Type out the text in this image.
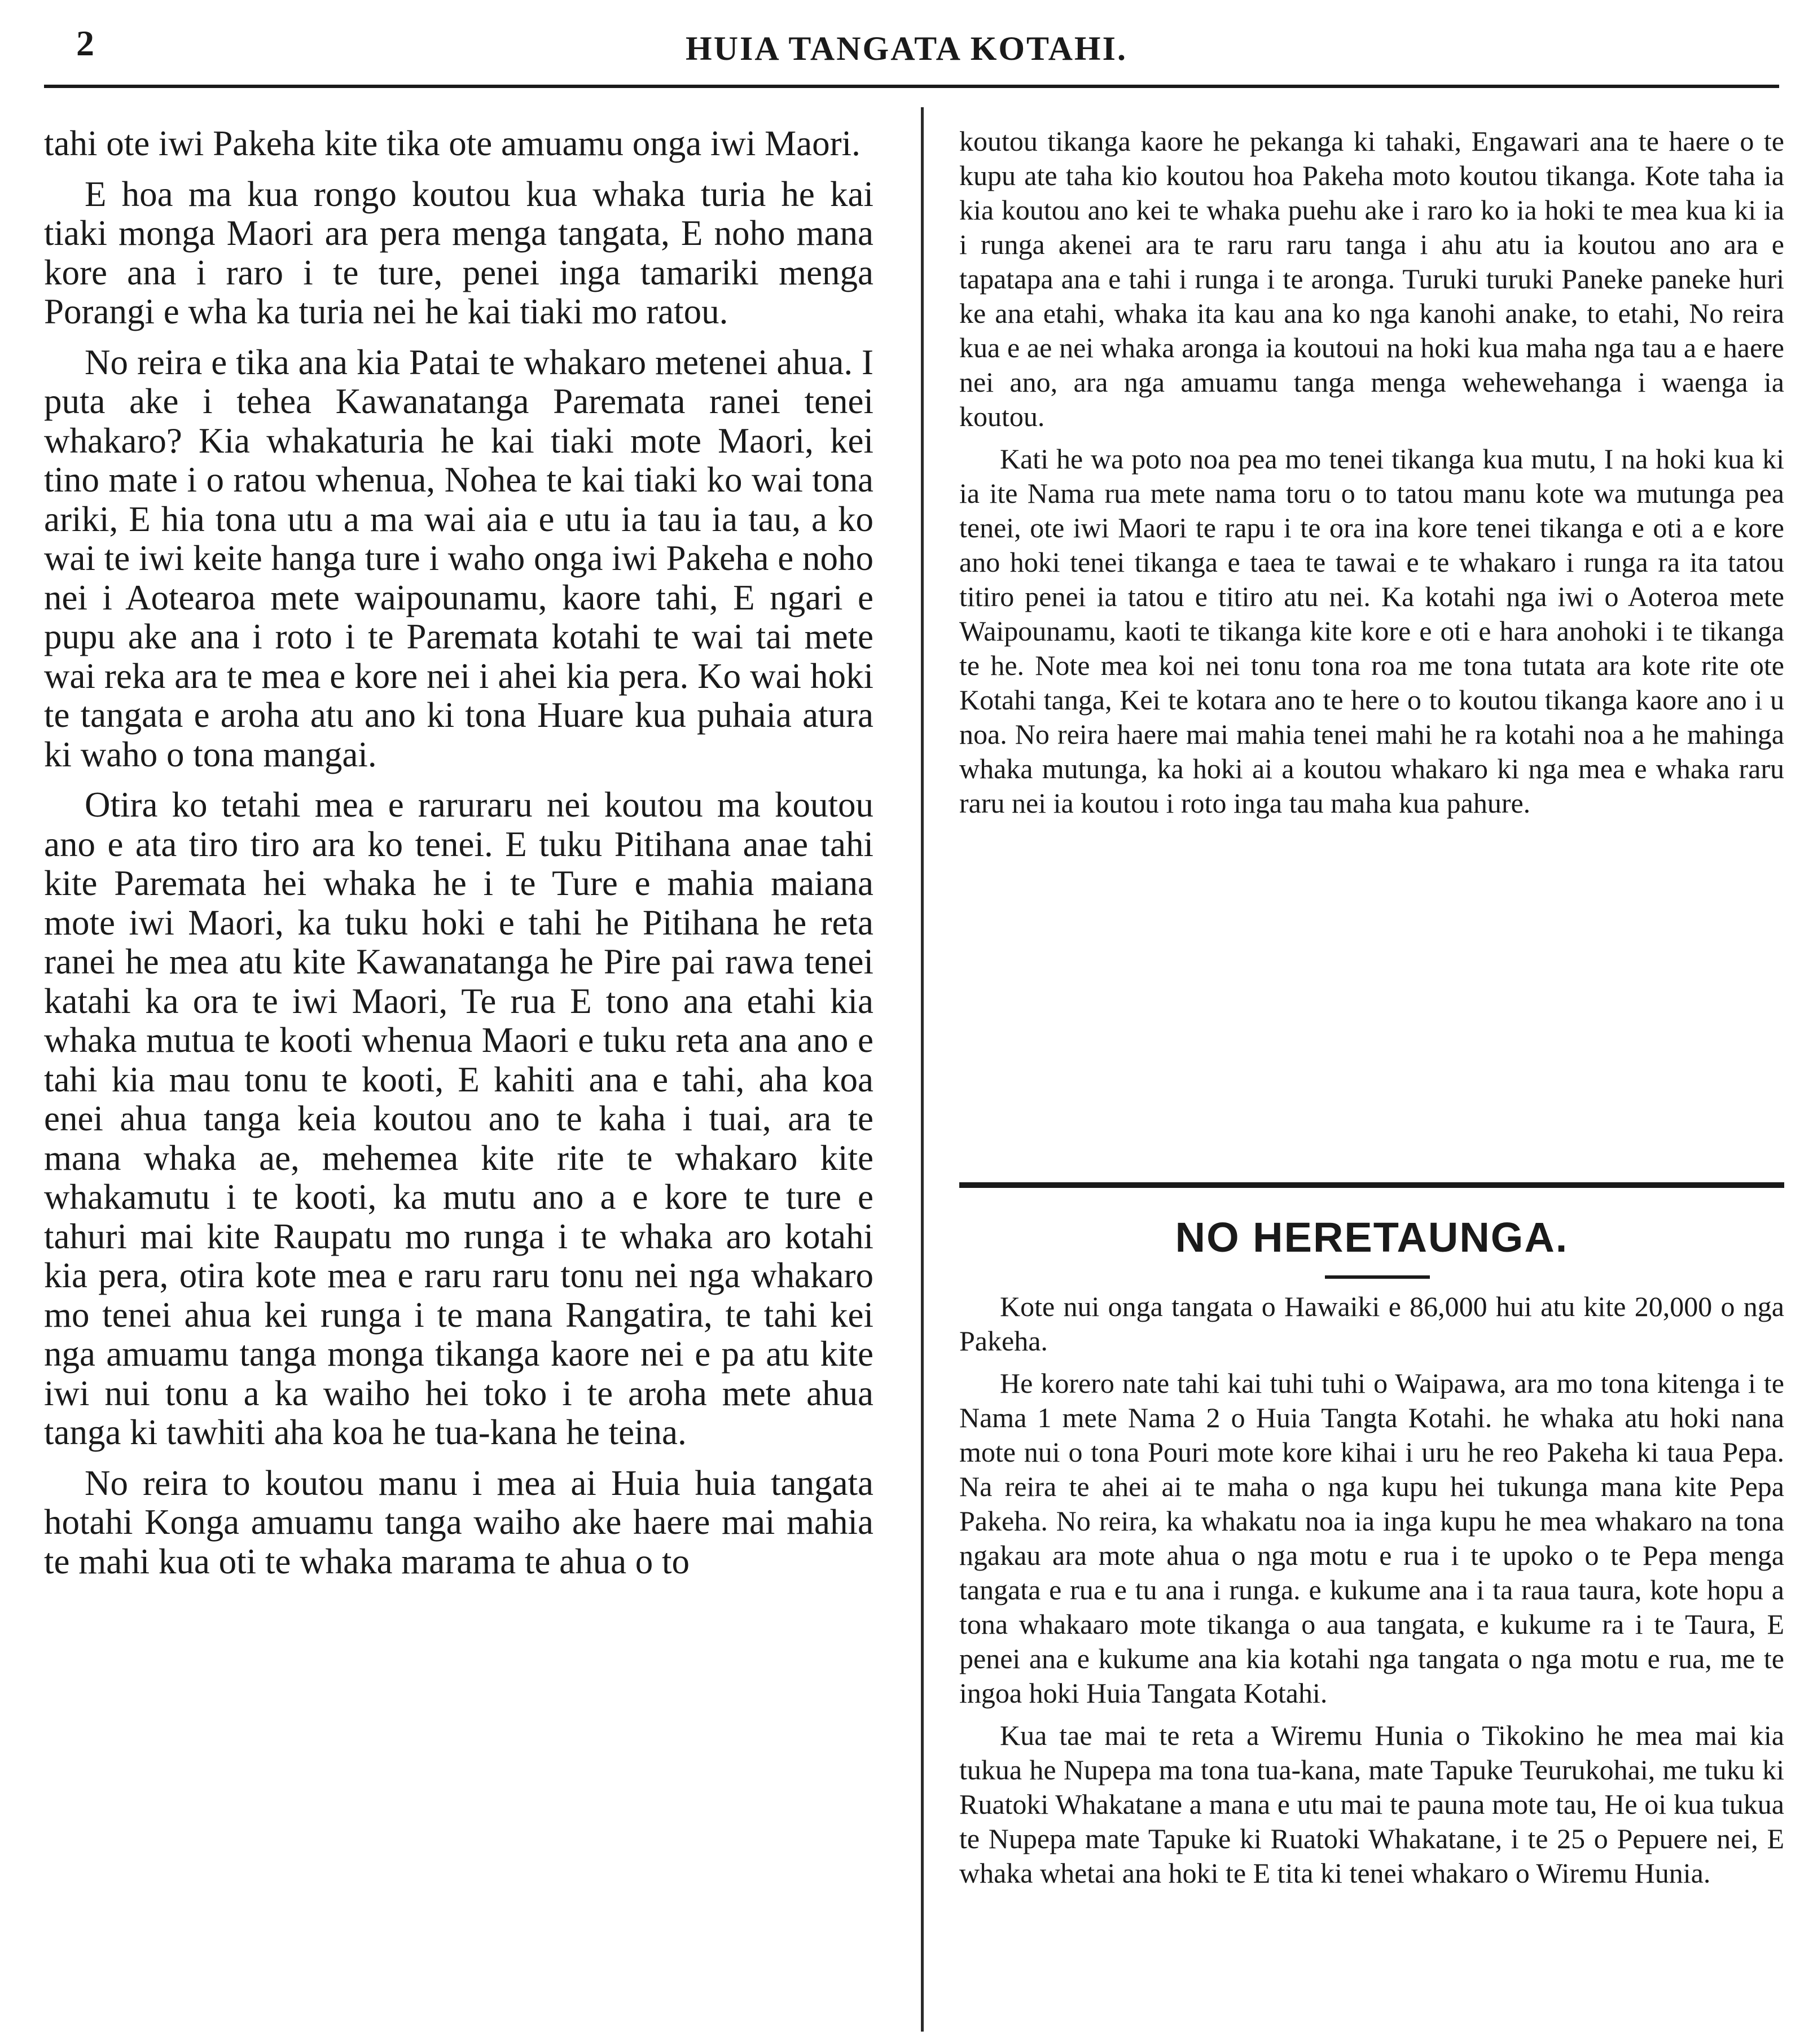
2	HUIA TANGATA KOTAHI.

tahi ote iwi Pakeha kite tika ote amuamu onga iwi Maori.

E hoa ma kua rongo koutou kua whaka turia he kai tiaki monga Maori ara pera menga tangata, E noho mana kore ana i raro i te ture, penei inga tamariki menga Porangi e wha ka turia nei he kai tiaki mo ratou.

No reira e tika ana kia Patai te whakaro metenei ahua. I puta ake i tehea Kawanatanga Paremata ranei tenei whakaro? Kia whakaturia he kai tiaki mote Maori, kei tino mate i o ratou whenua, Nohea te kai tiaki ko wai tona ariki, E hia tona utu a ma wai aia e utu ia tau ia tau, a ko wai te iwi keite hanga ture i waho onga iwi Pakeha e noho nei i Aotearoa mete waipounamu, kaore tahi, E ngari e pupu ake ana i roto i te Paremata kotahi te wai tai mete wai reka ara te mea e kore nei i ahei kia pera. Ko wai hoki te tangata e aroha atu ano ki tona Huare kua puhaia atura ki waho o tona mangai.

Otira ko tetahi mea e raruraru nei koutou ma koutou ano e ata tiro tiro ara ko tenei. E tuku Pitihana anae tahi kite Paremata hei whaka he i te Ture e mahia maiana mote iwi Maori, ka tuku hoki e tahi he Pitihana he reta ranei he mea atu kite Kawanatanga he Pire pai rawa tenei katahi ka ora te iwi Maori, Te rua E tono ana etahi kia whaka mutua te kooti whenua Maori e tuku reta ana ano e tahi kia mau tonu te kooti, E kahiti ana e tahi, aha koa enei ahua tanga keia koutou ano te kaha i tuai, ara te mana whaka ae, mehemea kite rite te whakaro kite whakamutu i te kooti, ka mutu ano a e kore te ture e tahuri mai kite Raupatu mo runga i te whaka aro kotahi kia pera, otira kote mea e raru raru tonu nei nga whakaro mo tenei ahua kei runga i te mana Rangatira, te tahi kei nga amuamu tanga monga tikanga kaore nei e pa atu kite iwi nui tonu a ka waiho hei toko i te aroha mete ahua tanga ki tawhiti aha koa he tua-kana he teina.

No reira to koutou manu i mea ai Huia huia tangata hotahi Konga amuamu tanga waiho ake haere mai mahia te mahi kua oti te whaka marama te ahua o to

koutou tikanga kaore he pekanga ki tahaki, Engawari ana te haere o te kupu ate taha kio koutou hoa Pakeha moto koutou tikanga. Kote taha ia kia koutou ano kei te whaka puehu ake i raro ko ia hoki te mea kua ki ia i runga akenei ara te raru raru tanga i ahu atu ia koutou ano ara e tapatapa ana e tahi i runga i te aronga. Turuki turuki Paneke paneke huri ke ana etahi, whaka ita kau ana ko nga kanohi anake, to etahi, No reira kua e ae nei whaka aronga ia koutoui na hoki kua maha nga tau a e haere nei ano, ara nga amuamu tanga menga wehewehanga i waenga ia koutou.

Kati he wa poto noa pea mo tenei tikanga kua mutu, I na hoki kua ki ia ite Nama rua mete nama toru o to tatou manu kote wa mutunga pea tenei, ote iwi Maori te rapu i te ora ina kore tenei tikanga e oti a e kore ano hoki tenei tikanga e taea te tawai e te whakaro i runga ra ita tatou titiro penei ia tatou e titiro atu nei. Ka kotahi nga iwi o Aoteroa mete Waipounamu, kaoti te tikanga kite kore e oti e hara anohoki i te tikanga te he. Note mea koi nei tonu tona roa me tona tutata ara kote rite ote Kotahi tanga, Kei te kotara ano te here o to koutou tikanga kaore ano i u noa. No reira haere mai mahia tenei mahi he ra kotahi noa a he mahinga whaka mutunga, ka hoki ai a koutou whakaro ki nga mea e whaka raru raru nei ia koutou i roto inga tau maha kua pahure.

NO HERETAUNGA.

Kote nui onga tangata o Hawaiki e 86,000 hui atu kite 20,000 o nga Pakeha.

He korero nate tahi kai tuhi tuhi o Waipawa, ara mo tona kitenga i te Nama 1 mete Nama 2 o Huia Tangta Kotahi. he whaka atu hoki nana mote nui o tona Pouri mote kore kihai i uru he reo Pakeha ki taua Pepa. Na reira te ahei ai te maha o nga kupu hei tukunga mana kite Pepa Pakeha. No reira, ka whakatu noa ia inga kupu he mea whakaro na tona ngakau ara mote ahua o nga motu e rua i te upoko o te Pepa menga tangata e rua e tu ana i runga. e kukume ana i ta raua taura, kote hopu a tona whakaaro mote tikanga o aua tangata, e kukume ra i te Taura, E penei ana e kukume ana kia kotahi nga tangata o nga motu e rua, me te ingoa hoki Huia Tangata Kotahi.

Kua tae mai te reta a Wiremu Hunia o Tikokino he mea mai kia tukua he Nupepa ma tona tua-kana, mate Tapuke Teurukohai, me tuku ki Ruatoki Whakatane a mana e utu mai te pauna mote tau, He oi kua tukua te Nupepa mate Tapuke ki Ruatoki Whakatane, i te 25 o Pepuere nei, E whaka whetai ana hoki te E tita ki tenei whakaro o Wiremu Hunia.
